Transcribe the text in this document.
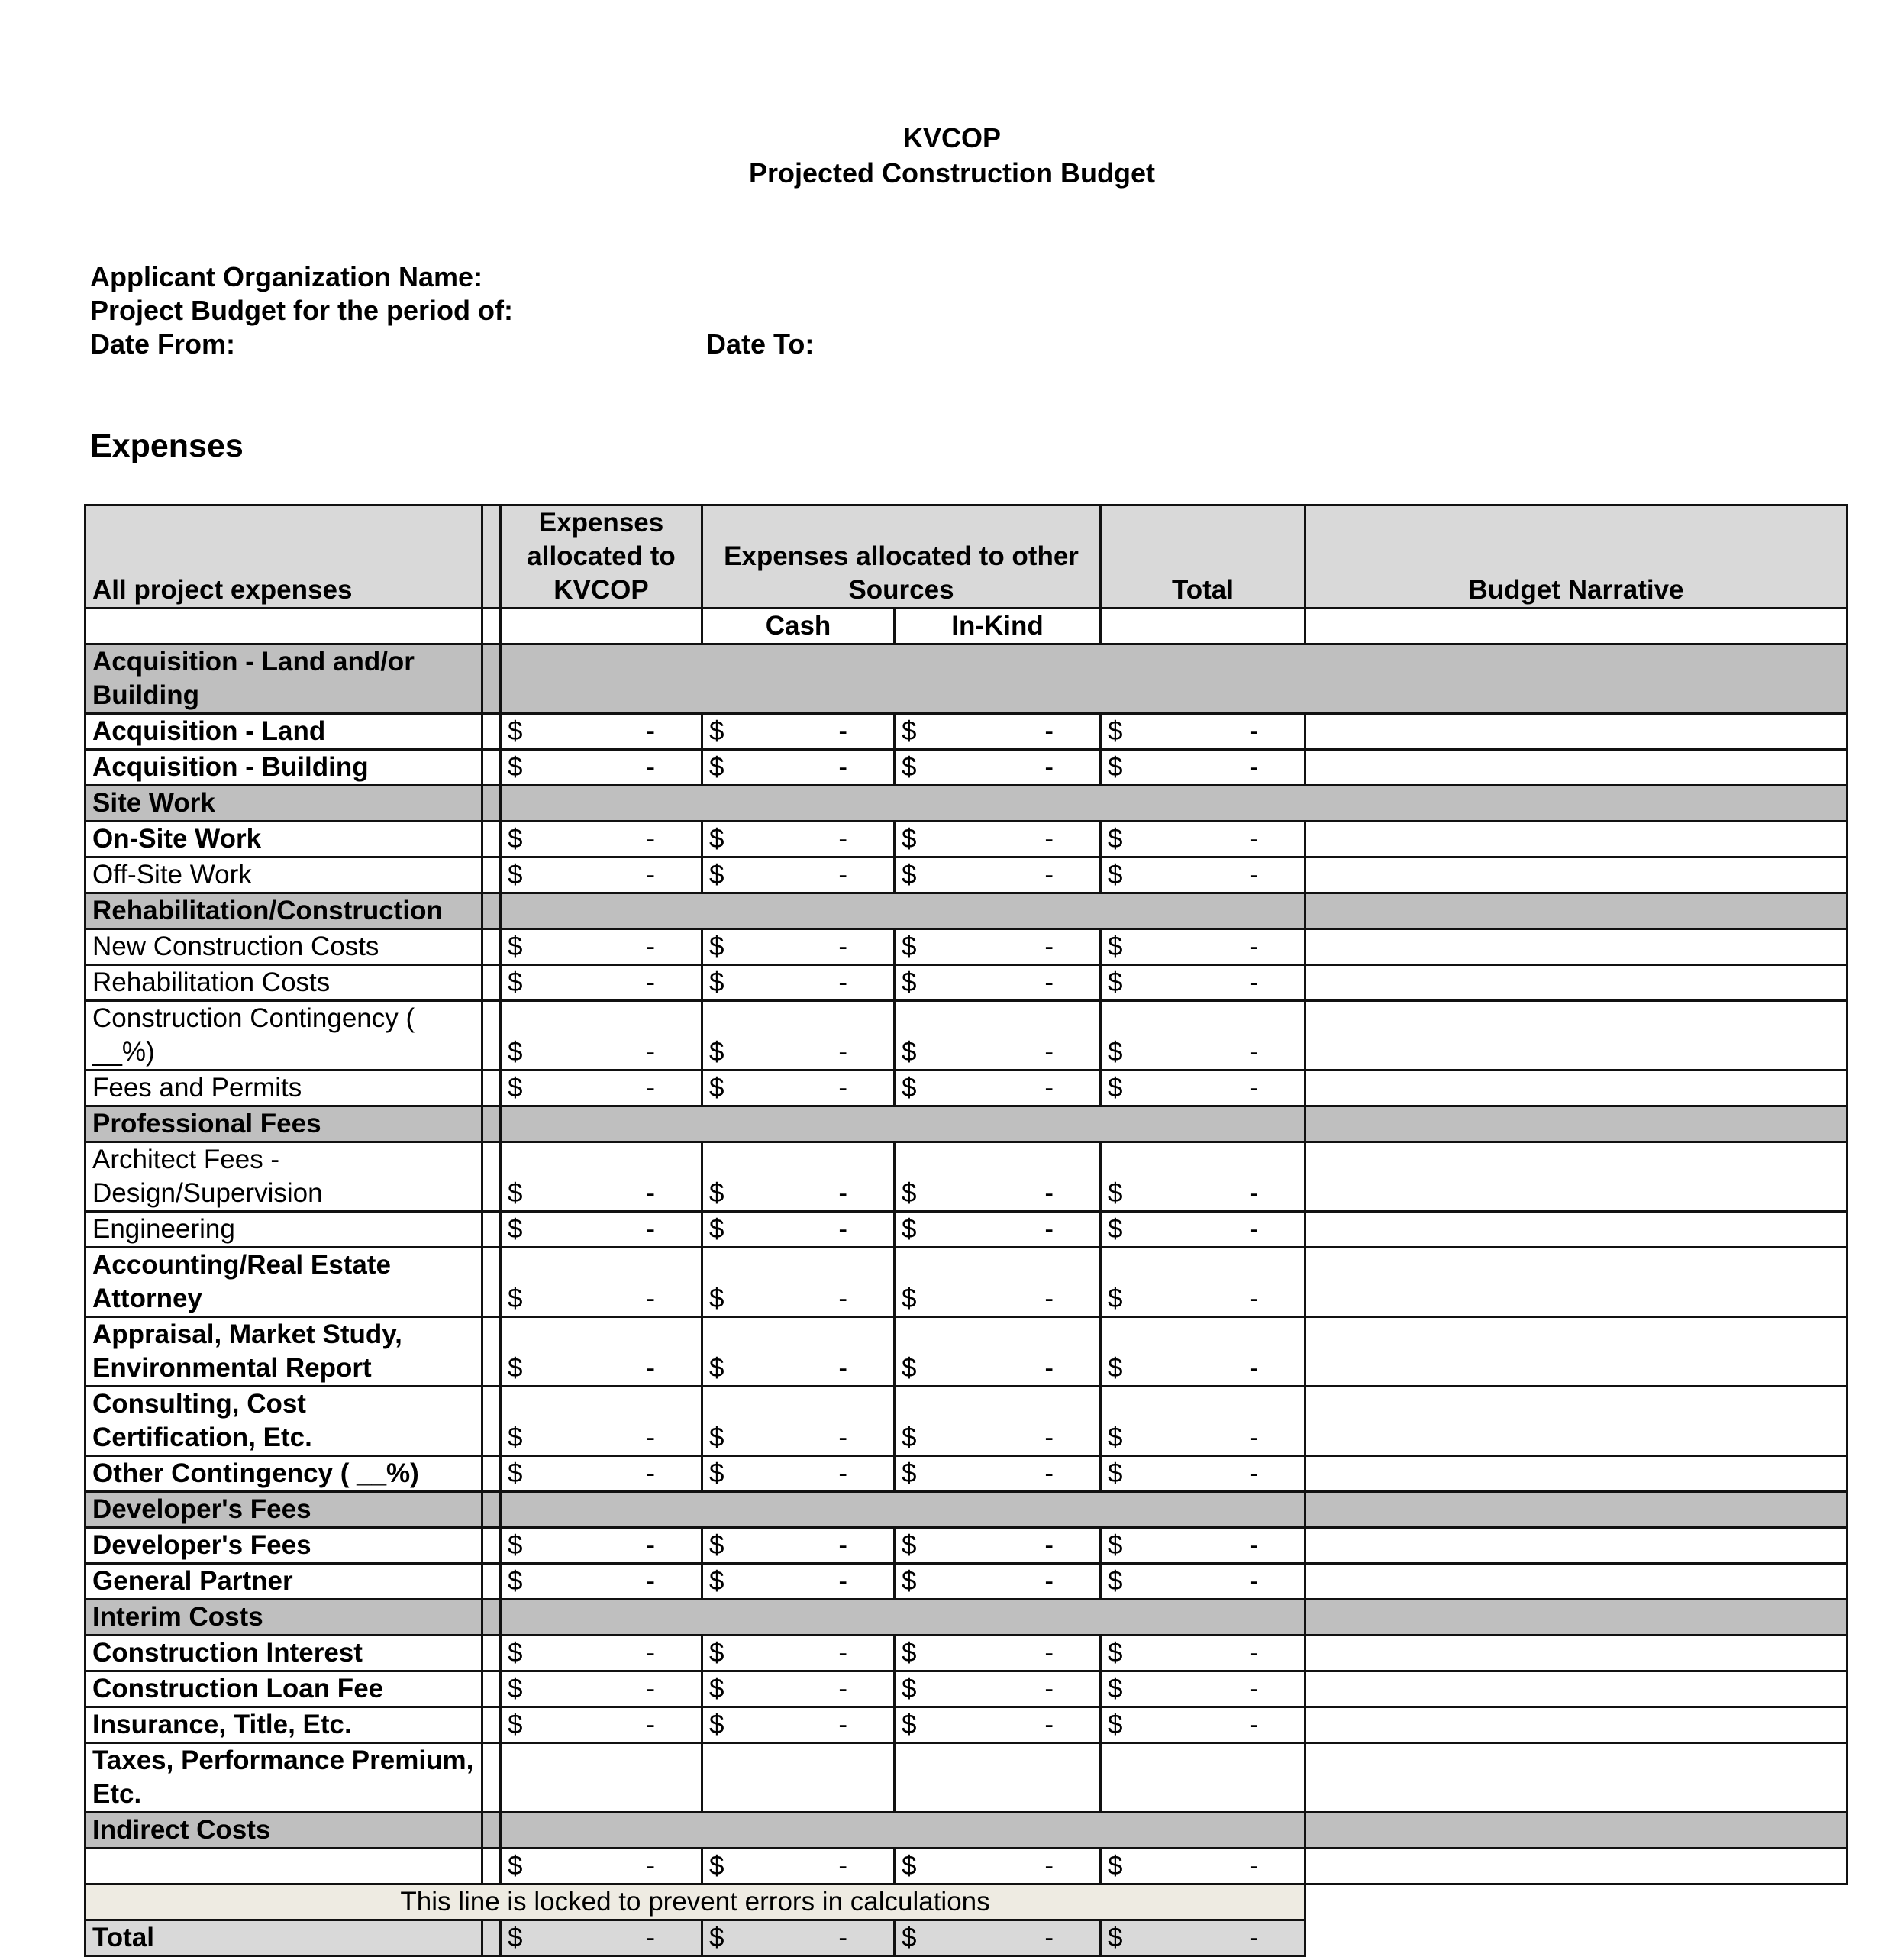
KVCOP
Projected Construction Budget
Applicant Organization Name:
Project Budget for the period of:
Date From:	Date To:
Expenses
All project expenses		Expenses allocated to KVCOP	Expenses allocated to other Sources		Total	Budget Narrative
			Cash	In-Kind		
Acquisition - Land and/or Building						
Acquisition - Land		$ -	$ -	$ -	$ -	

Acquisition - Building		$ -	$ -	$ -	$ -	

Site Work						
On-Site Work		$ -	$ -	$ -	$ -	

Off-Site Work		$ -	$ -	$ -	$ -	

Rehabilitation/Construction						
New Construction Costs		$ -	$ -	$ -	$ -	

Rehabilitation Costs		$ -	$ -	$ -	$ -	

Construction Contingency ( __%)		$ -	$ -	$ -	$ -	

Fees and Permits		$ -	$ -	$ -	$ -	

Professional Fees						
Architect Fees - Design/Supervision		$ -	$ -	$ -	$ -	

Engineering		$ -	$ -	$ -	$ -	

Accounting/Real Estate Attorney		$ -	$ -	$ -	$ -	

Appraisal, Market Study, Environmental Report		$ -	$ -	$ -	$ -	

Consulting, Cost Certification, Etc.		$ -	$ -	$ -	$ -	

Other Contingency ( __%)		$ -	$ -	$ -	$ -	

Developer's Fees						
Developer's Fees		$ -	$ -	$ -	$ -	

General Partner		$ -	$ -	$ -	$ -	

Interim Costs						
Construction Interest		$ -	$ -	$ -	$ -	

Construction Loan Fee		$ -	$ -	$ -	$ -	

Insurance, Title, Etc.		$ -	$ -	$ -	$ -	

Taxes, Performance Premium, Etc.						
Indirect Costs						

		$ -	$ -	$ -	$ -	

This line is locked to prevent errors in calculations						
Total		$ -	$ -	$ -	$ -	
